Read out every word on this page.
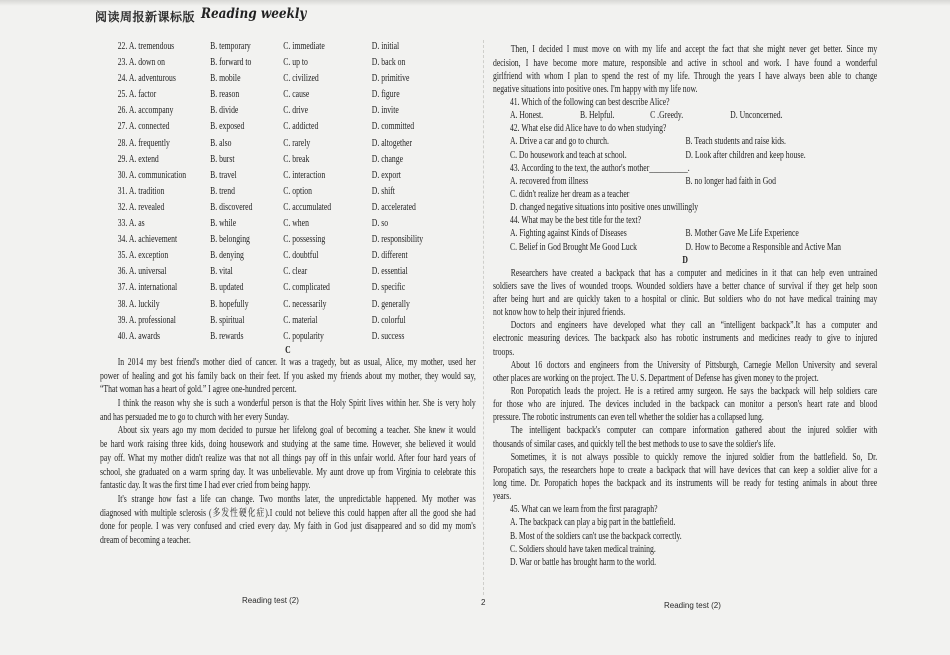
阅读周报新课标版 Reading weekly
22. A. tremendous	B. temporary	C. immediate	D. initial
23. A. down on	B. forward to	C. up to	D. back on
24. A. adventurous	B. mobile	C. civilized	D. primitive
25. A. factor	B. reason	C. cause	D. figure
26. A. accompany	B. divide	C. drive	D. invite
27. A. connected	B. exposed	C. addicted	D. committed
28. A. frequently	B. also	C. rarely	D. altogether
29. A. extend	B. burst	C. break	D. change
30. A. communication B. travel	C. interaction	D. export
31. A. tradition	B. trend	C. option	D. shift
32. A. revealed	B. discovered	C. accumulated	D. accelerated
33. A. as	B. while	C. when	D. so
34. A. achievement	B. belonging	C. possessing	D. responsibility
35. A. exception	B. denying	C. doubtful	D. different
36. A. universal	B. vital	C. clear	D. essential
37. A. international	B. updated	C. complicated	D. specific
38. A. luckily	B. hopefully	C. necessarily	D. generally
39. A. professional	B. spiritual	C. material	D. colorful
40. A. awards	B. rewards	C. popularity	D. success
C
In 2014 my best friend's mother died of cancer. It was a tragedy, but as usual, Alice, my mother, used her
power of healing and got his family back on their feet. If you asked my friends about my mother, they would say,
“That woman has a heart of gold.” I agree one-hundred percent.
I think the reason why she is such a wonderful person is that the Holy Spirit lives within her. She is very holy
and has persuaded me to go to church with her every Sunday.
About six years ago my mom decided to pursue her lifelong goal of becoming a teacher. She knew it would
be hard work raising three kids, doing housework and studying at the same time. However, she believed it would
pay off. What my mother didn't realize was that not all things pay off in this unfair world. After four hard years of
school, she graduated on a warm spring day. It was unbelievable. My aunt drove up from Virginia to celebrate this
fantastic day. It was the first time I had ever cried from being happy.
It's strange how fast a life can change. Two months later, the unpredictable happened. My mother was
diagnosed with multiple sclerosis (多发性硬化症).I could not believe this could happen after all the good she had
done for people. I was very confused and cried every day. My faith in God just disappeared and so did my mom's
dream of becoming a teacher.
Then, I decided I must move on with my life and accept the fact that she might never get better. Since my
decision, I have become more mature, responsible and active in school and work. I have found a wonderful
girlfriend with whom I plan to spend the rest of my life. Through the years I have always been able to change
negative situations into positive ones. I'm happy with my life now.
41. Which of the following can best describe Alice?
A. Honest.	B. Helpful.	C .Greedy.	D. Unconcerned.
42. What else did Alice have to do when studying?
A. Drive a car and go to church.	B. Teach students and raise kids.
C. Do housework and teach at school.	D. Look after children and keep house.
43. According to the text, the author's mother__________.
A. recovered from illness	B. no longer had faith in God
C. didn't realize her dream as a teacher
D. changed negative situations into positive ones unwillingly
44. What may be the best title for the text?
A. Fighting against Kinds of Diseases	B. Mother Gave Me Life Experience
C. Belief in God Brought Me Good Luck	D. How to Become a Responsible and Active Man
D
Researchers have created a backpack that has a computer and medicines in it that can help even untrained
soldiers save the lives of wounded troops. Wounded soldiers have a better chance of survival if they get help soon
after being hurt and are quickly taken to a hospital or clinic. But soldiers who do not have medical training may
not know how to help their injured friends.
Doctors and engineers have developed what they call an “intelligent backpack”.It has a computer and
electronic measuring devices. The backpack also has robotic instruments and medicines ready to give to injured
troops.
About 16 doctors and engineers from the University of Pittsburgh, Carnegie Mellon University and several
other places are working on the project. The U. S. Department of Defense has given money to the project.
Ron Poropatich leads the project. He is a retired army surgeon. He says the backpack will help soldiers care
for those who are injured. The devices included in the backpack can monitor a person's heart rate and blood
pressure. The robotic instruments can even tell whether the soldier has a collapsed lung.
The intelligent backpack's computer can compare information gathered about the injured soldier with
thousands of similar cases, and quickly tell the best methods to use to save the soldier's life.
Sometimes, it is not always possible to quickly remove the injured soldier from the battlefield. So, Dr.
Poropatich says, the researchers hope to create a backpack that will have devices that can keep a soldier alive for a
long time. Dr. Poropatich hopes the backpack and its instruments will be ready for testing animals in about three
years.
45. What can we learn from the first paragraph?
A. The backpack can play a big part in the battlefield.
B. Most of the soldiers can't use the backpack correctly.
C. Soldiers should have taken medical training.
D. War or battle has brought harm to the world.
Reading test (2)	2	Reading test (2)
